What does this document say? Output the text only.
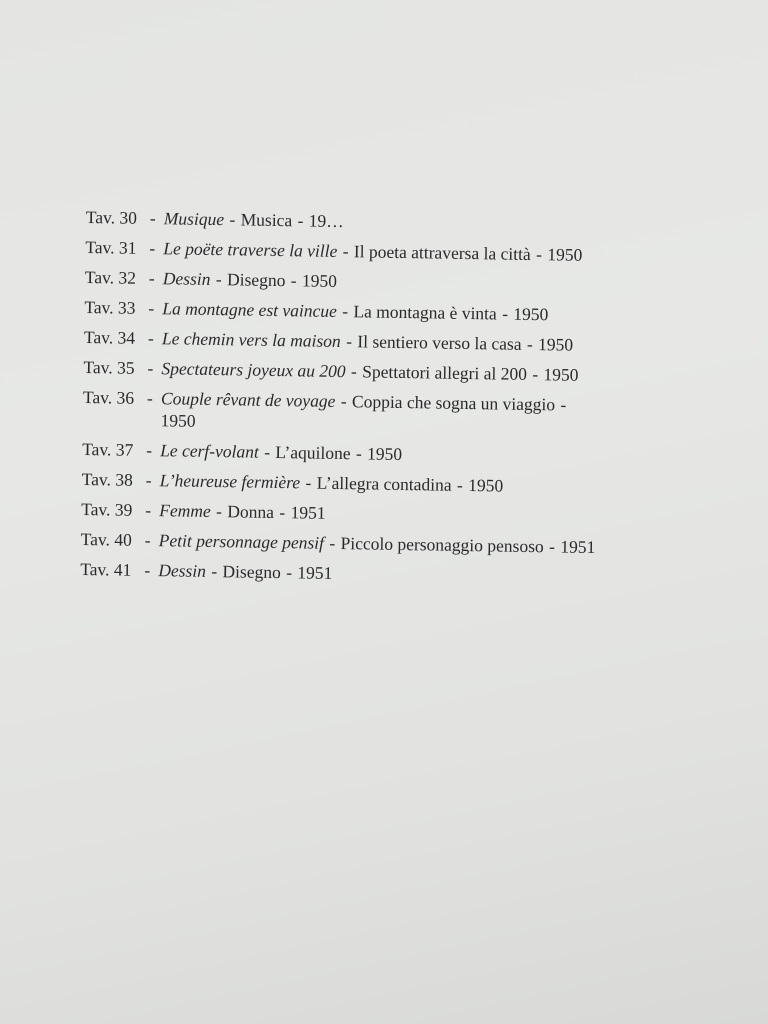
Tav. 30 - Musique - Musica - 19…
Tav. 31 - Le poëte traverse la ville - Il poeta attraversa la città - 1950
Tav. 32 - Dessin - Disegno - 1950
Tav. 33 - La montagne est vaincue - La montagna è vinta - 1950
Tav. 34 - Le chemin vers la maison - Il sentiero verso la casa - 1950
Tav. 35 - Spectateurs joyeux au 200 - Spettatori allegri al 200 - 1950
Tav. 36 - Couple rêvant de voyage - Coppia che sogna un viaggio -
1950
Tav. 37 - Le cerf-volant - L’aquilone - 1950
Tav. 38 - L’heureuse fermière - L’allegra contadina - 1950
Tav. 39 - Femme - Donna - 1951
Tav. 40 - Petit personnage pensif - Piccolo personaggio pensoso - 1951
Tav. 41 - Dessin - Disegno - 1951
